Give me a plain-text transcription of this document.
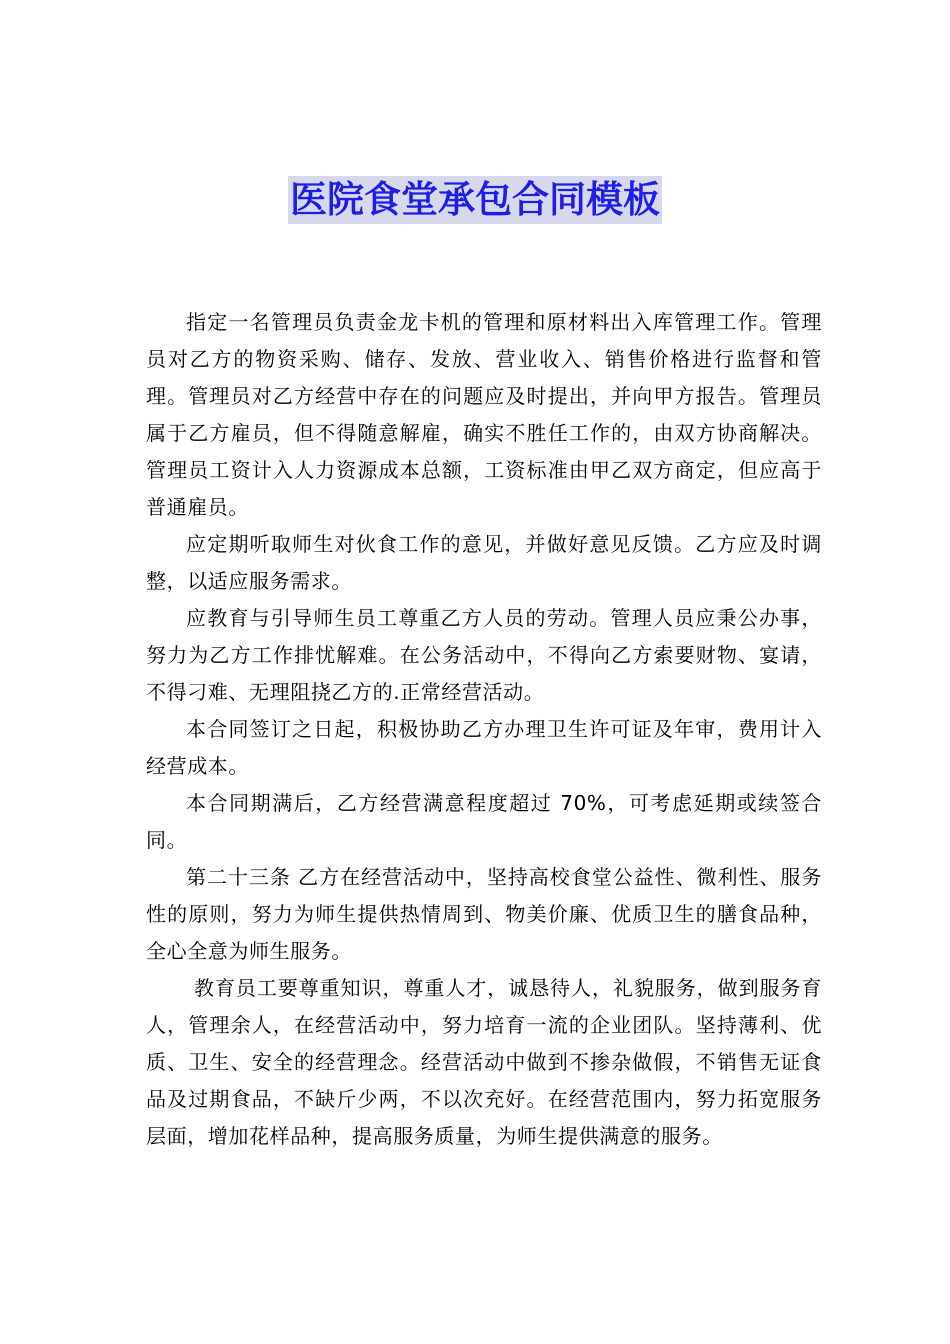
医院食堂承包合同模板

指定一名管理员负责金龙卡机的管理和原材料出入库管理工作。管理员对乙方的物资采购、储存、发放、营业收入、销售价格进行监督和管理。管理员对乙方经营中存在的问题应及时提出，并向甲方报告。管理员属于乙方雇员，但不得随意解雇，确实不胜任工作的，由双方协商解决。管理员工资计入人力资源成本总额，工资标准由甲乙双方商定，但应高于普通雇员。

应定期听取师生对伙食工作的意见，并做好意见反馈。乙方应及时调整，以适应服务需求。

应教育与引导师生员工尊重乙方人员的劳动。管理人员应秉公办事，努力为乙方工作排忧解难。在公务活动中，不得向乙方索要财物、宴请，不得刁难、无理阻挠乙方的.正常经营活动。

本合同签订之日起，积极协助乙方办理卫生许可证及年审，费用计入经营成本。

本合同期满后，乙方经营满意程度超过 70%，可考虑延期或续签合同。

第二十三条 乙方在经营活动中，坚持高校食堂公益性、微利性、服务性的原则，努力为师生提供热情周到、物美价廉、优质卫生的膳食品种，全心全意为师生服务。

教育员工要尊重知识，尊重人才，诚恳待人，礼貌服务，做到服务育人，管理余人，在经营活动中，努力培育一流的企业团队。坚持薄利、优质、卫生、安全的经营理念。经营活动中做到不掺杂做假，不销售无证食品及过期食品，不缺斤少两，不以次充好。在经营范围内，努力拓宽服务层面，增加花样品种，提高服务质量，为师生提供满意的服务。
